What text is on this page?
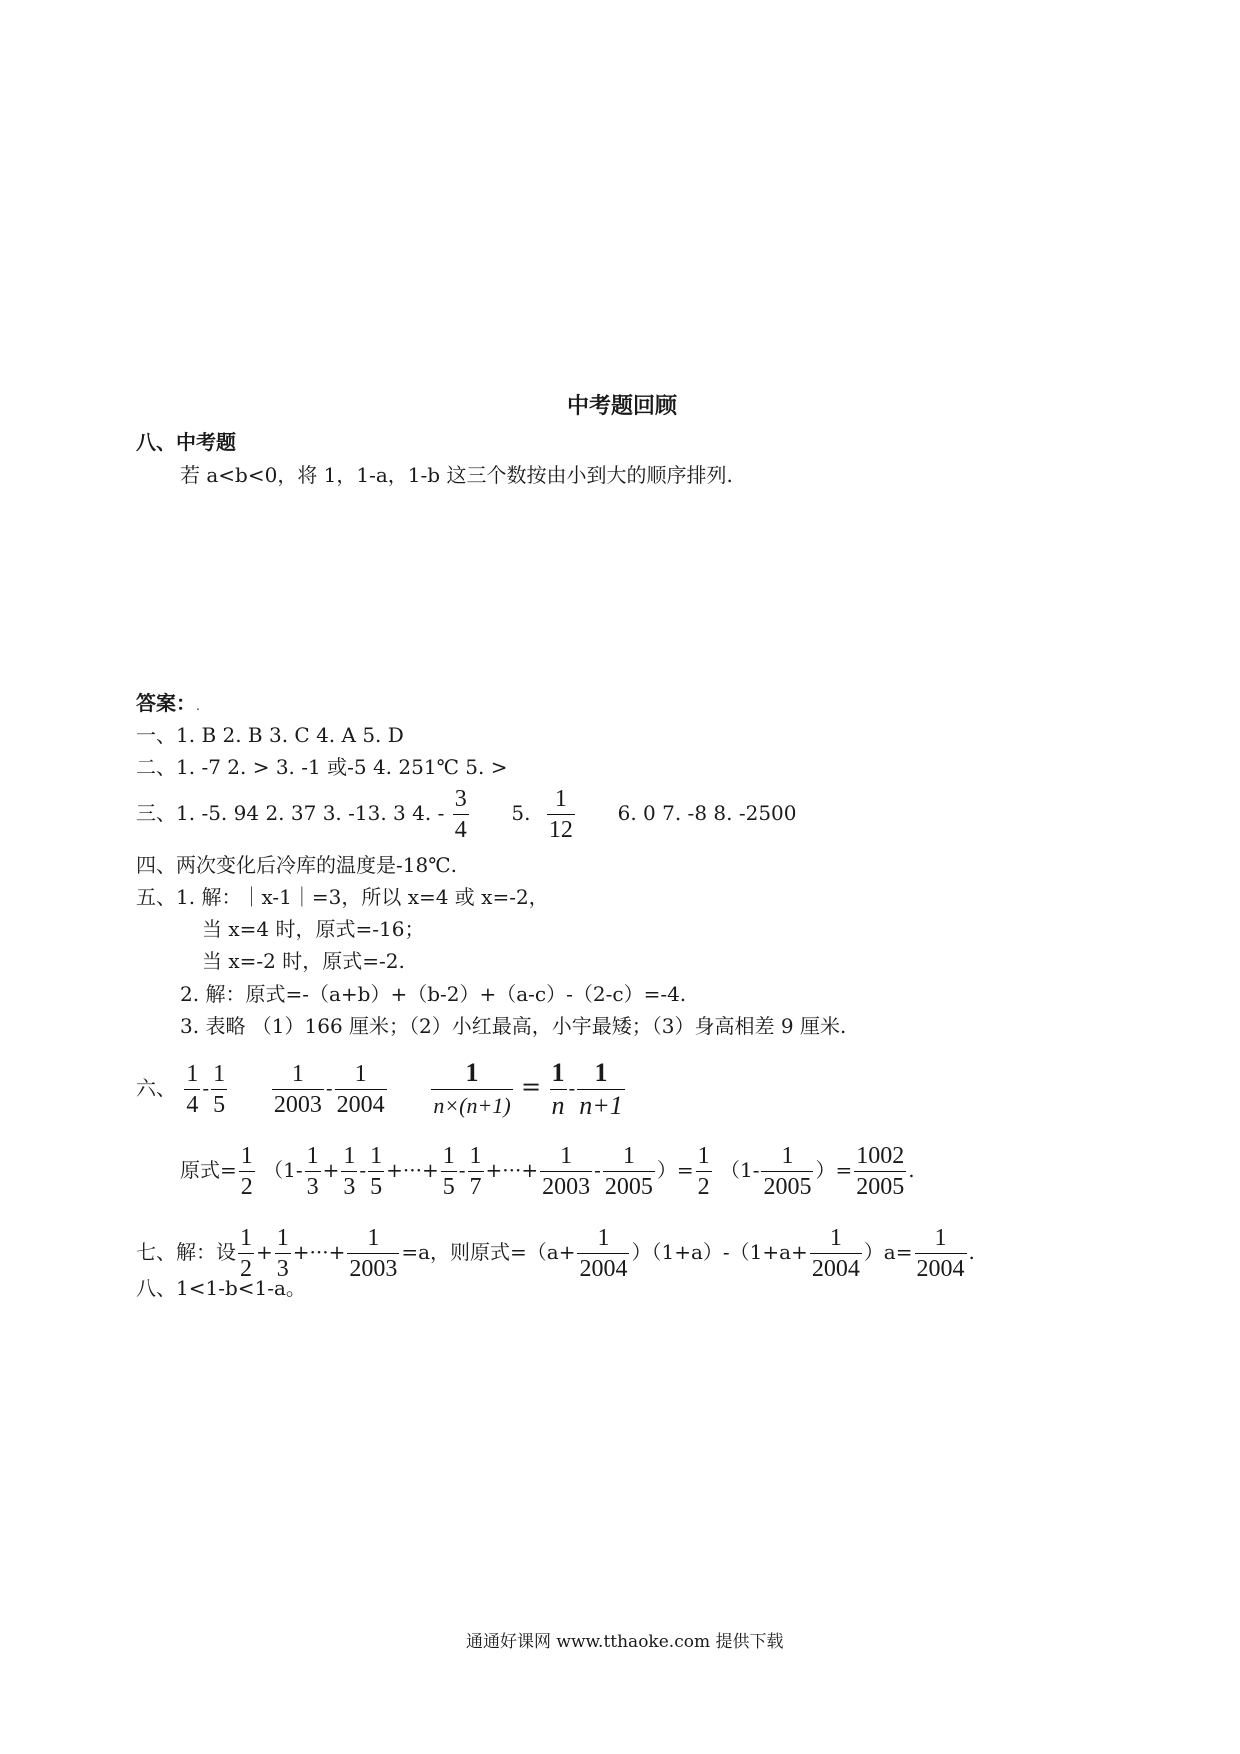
中考题回顾
八、中考题
若 a<b<0，将 1，1-a，1-b 这三个数按由小到大的顺序排列.
答案：.
一、1. B 2. B 3. C 4. A 5. D
二、1. -7 2. > 3. -1 或-5 4. 251℃ 5. >
三、1. -5. 94 2. 37 3. -13. 3 4. - $\frac{3}{4} 5$. $\frac{1}{12} 6$. 0 7. -8 8. -2500
四、两次变化后冷库的温度是-18℃.
五、1. 解：｜x-1｜=3，所以 x=4 或 x=-2，
当 x=4 时，原式=-16；
当 x=-2 时，原式=-2.
2. 解：原式=-（a+b）+（b-2）+（a-c）-（2-c）=-4.
3. 表略 （1）166 厘米；（2）小红最高，小宇最矮；（3）身高相差 9 厘米.
六、 $\frac{1}{4} - \frac{1}{5}$
$\frac{1}{2003} - \frac{1}{2004}$
$\frac{1}{n\times(n+1)} = \frac{1}{n} - \frac{1}{n+1}$
原式= $\frac{1}{2} (1- \frac{1}{3} + \frac{1}{3} - \frac{1}{5}$ +···+ $\frac{1}{5} - \frac{1}{7}$ +···+ $\frac{1}{2003} - \frac{1}{2005}$ ）= $\frac{1}{2} (1- \frac{1}{2005}$ ）= $\frac{1002}{2005}$ .
七、解：设 $\frac{1}{2} + \frac{1}{3}$ +···+ $\frac{1}{2003} =a$，则原式$=(a+ \frac{1}{2004} )(1+a)-(1+a+ \frac{1}{2004} )a= \frac{1}{2004}$ .
八、1<1-b<1-a。
通通好课网 www.tthaoke.com 提供下载
